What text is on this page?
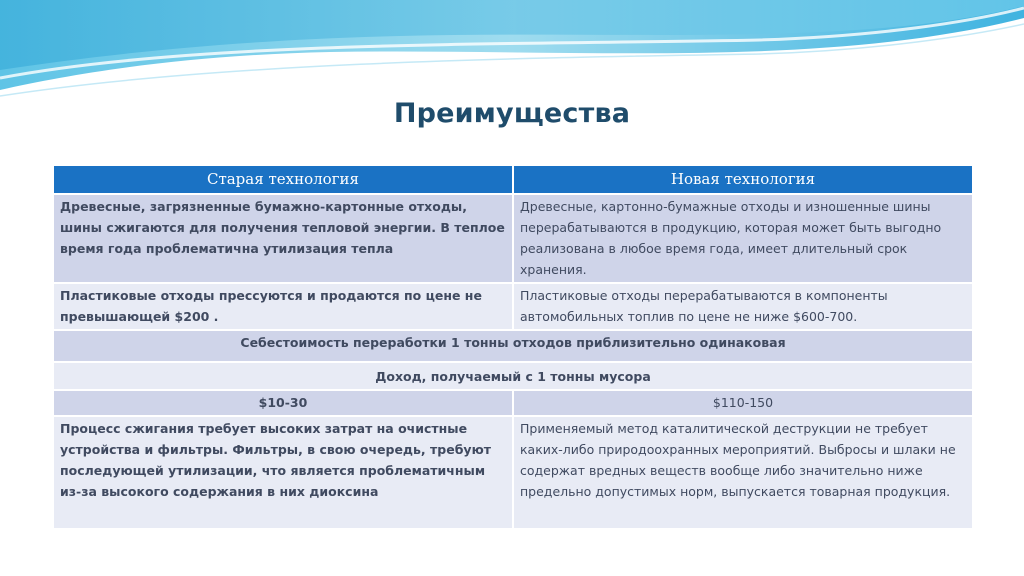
Преимущества
Старая технология	Новая технология
Древесные, загрязненные бумажно-картонные отходы, шины сжигаются для получения тепловой энергии. В теплое время года проблематична утилизация тепла	Древесные, картонно-бумажные отходы и изношенные шины перерабатываются в продукцию, которая может быть выгодно реализована в любое время года, имеет длительный срок хранения.
Пластиковые отходы прессуются и продаются по цене не превышающей $200 .	Пластиковые отходы перерабатываются в компоненты автомобильных топлив по цене не ниже $600-700.
Себестоимость переработки 1 тонны отходов приблизительно одинаковая	
Доход, получаемый с 1 тонны мусора	
$10-30	$110-150
Процесс сжигания требует высоких затрат на очистные устройства и фильтры. Фильтры, в свою очередь, требуют последующей утилизации, что является проблематичным из-за высокого содержания в них диоксина	Применяемый метод каталитической деструкции не требует каких-либо природоохранных мероприятий. Выбросы и шлаки не содержат вредных веществ вообще либо значительно ниже предельно допустимых норм, выпускается товарная продукция.
